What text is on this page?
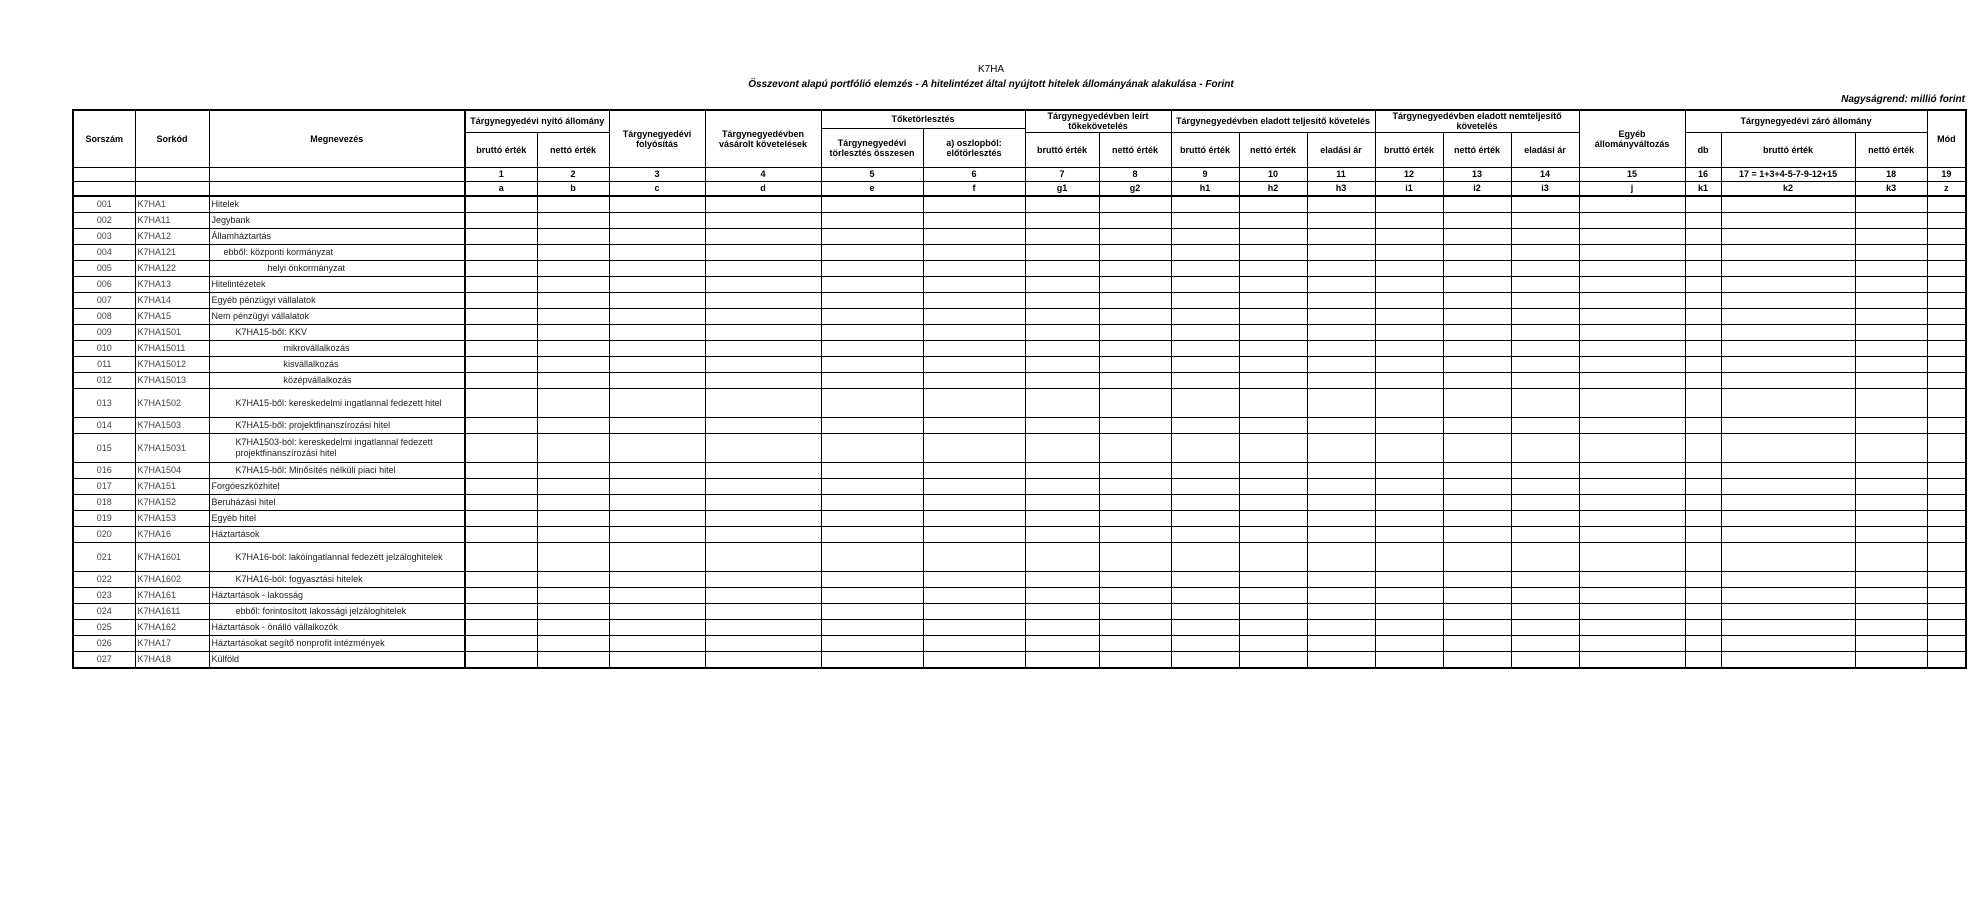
K7HA
Összevont alapú portfólió elemzés - A hitelintézet által nyújtott hitelek állományának alakulása - Forint
Nagyságrend: millió forint
Sorszám	Sorkód	Megnevezés	Tárgynegyedévi nyitó állomány		Tárgynegyedévi folyósítás	Tárgynegyedévben vásárolt követelések	Tőketörlesztés		Tárgynegyedévben leírt tőkekövetelés		Tárgynegyedévben eladott teljesítő követelés			Tárgynegyedévben eladott nemteljesítő követelés			Egyéb állományváltozás	Tárgynegyedévi záró állomány			Mód
							Tárgynegyedévi törlesztés összesen	a) oszlopból: előtörlesztés													
			bruttó érték	nettó érték					bruttó érték	nettó érték	bruttó érték	nettó érték	eladási ár	bruttó érték	nettó érték	eladási ár		db	bruttó érték	nettó érték	
			1	2	3	4	5	6	7	8	9	10	11	12	13	14	15	16	17 = 1+3+4-5-7-9-12+15	18	19
			a	b	c	d	e	f	g1	g2	h1	h2	h3	i1	i2	i3	j	k1	k2	k3	z
001	K7HA1	Hitelek																			
002	K7HA11	Jegybank																			
003	K7HA12	Államháztartás																			
004	K7HA121	ebből: központi kormányzat																			
005	K7HA122	helyi önkormányzat																			
006	K7HA13	Hitelintézetek																			
007	K7HA14	Egyéb pénzügyi vállalatok																			
008	K7HA15	Nem pénzügyi vállalatok																			
009	K7HA1501	K7HA15-ből: KKV																			
010	K7HA15011	mikrovállalkozás																			
011	K7HA15012	kisvállalkozás																			
012	K7HA15013	középvállalkozás																			
013	K7HA1502	K7HA15-ből: kereskedelmi ingatlannal fedezett hitel																			
014	K7HA1503	K7HA15-ből: projektfinanszírozási hitel																			
015	K7HA15031	K7HA1503-ból: kereskedelmi ingatlannal fedezett projektfinanszírozási hitel																			
016	K7HA1504	K7HA15-ből: Minősítés nélküli piaci hitel																			
017	K7HA151	Forgóeszközhitel																			
018	K7HA152	Beruházási hitel																			
019	K7HA153	Egyéb hitel																			
020	K7HA16	Háztartások																			
021	K7HA1601	K7HA16-ból: lakóingatlannal fedezett jelzáloghitelek																			
022	K7HA1602	K7HA16-ból: fogyasztási hitelek																			
023	K7HA161	Háztartások - lakosság																			
024	K7HA1611	ebből: forintosított lakossági jelzáloghitelek																			
025	K7HA162	Háztartások - önálló vállalkozók																			
026	K7HA17	Háztartásokat segítő nonprofit intézmények																			
027	K7HA18	Külföld																			
